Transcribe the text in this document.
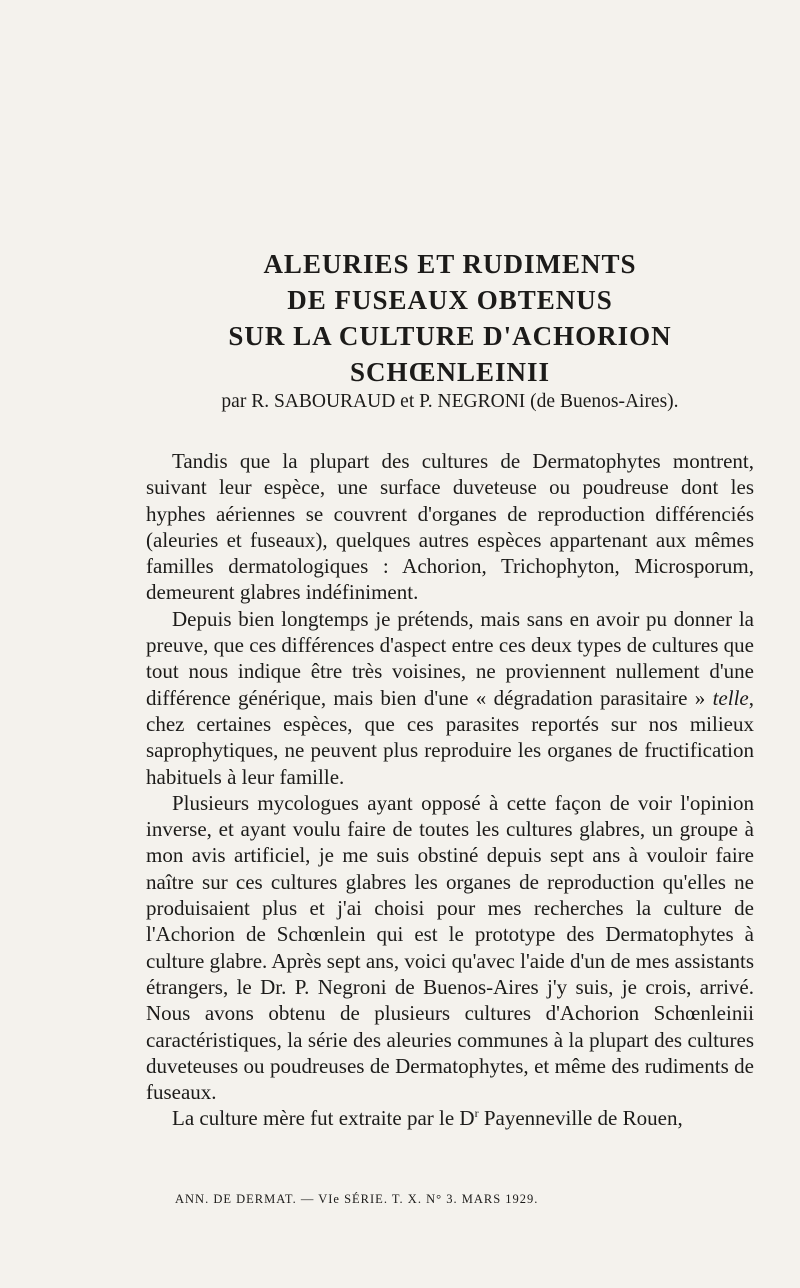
ALEURIES ET RUDIMENTS
DE FUSEAUX OBTENUS
SUR LA CULTURE D'ACHORION SCHŒNLEINII

par R. SABOURAUD et P. NEGRONI (de Buenos-Aires).

Tandis que la plupart des cultures de Dermatophytes montrent, suivant leur espèce, une surface duveteuse ou poudreuse dont les hyphes aériennes se couvrent d'organes de reproduction différenciés (aleuries et fuseaux), quelques autres espèces appartenant aux mêmes familles dermatologiques : Achorion, Trichophyton, Microsporum, demeurent glabres indéfiniment.

Depuis bien longtemps je prétends, mais sans en avoir pu donner la preuve, que ces différences d'aspect entre ces deux types de cultures que tout nous indique être très voisines, ne proviennent nullement d'une différence générique, mais bien d'une « dégradation parasitaire » telle, chez certaines espèces, que ces parasites reportés sur nos milieux saprophytiques, ne peuvent plus reproduire les organes de fructification habituels à leur famille.

Plusieurs mycologues ayant opposé à cette façon de voir l'opinion inverse, et ayant voulu faire de toutes les cultures glabres, un groupe à mon avis artificiel, je me suis obstiné depuis sept ans à vouloir faire naître sur ces cultures glabres les organes de reproduction qu'elles ne produisaient plus et j'ai choisi pour mes recherches la culture de l'Achorion de Schœnlein qui est le prototype des Dermatophytes à culture glabre. Après sept ans, voici qu'avec l'aide d'un de mes assistants étrangers, le Dr. P. Negroni de Buenos-Aires j'y suis, je crois, arrivé. Nous avons obtenu de plusieurs cultures d'Achorion Schœnleinii caractéristiques, la série des aleuries communes à la plupart des cultures duveteuses ou poudreuses de Dermatophytes, et même des rudiments de fuseaux.

La culture mère fut extraite par le $D^r$ Payenneville de Rouen,

ANN. DE DERMAT. — VIe SÉRIE. T. X. N° 3. MARS 1929.
